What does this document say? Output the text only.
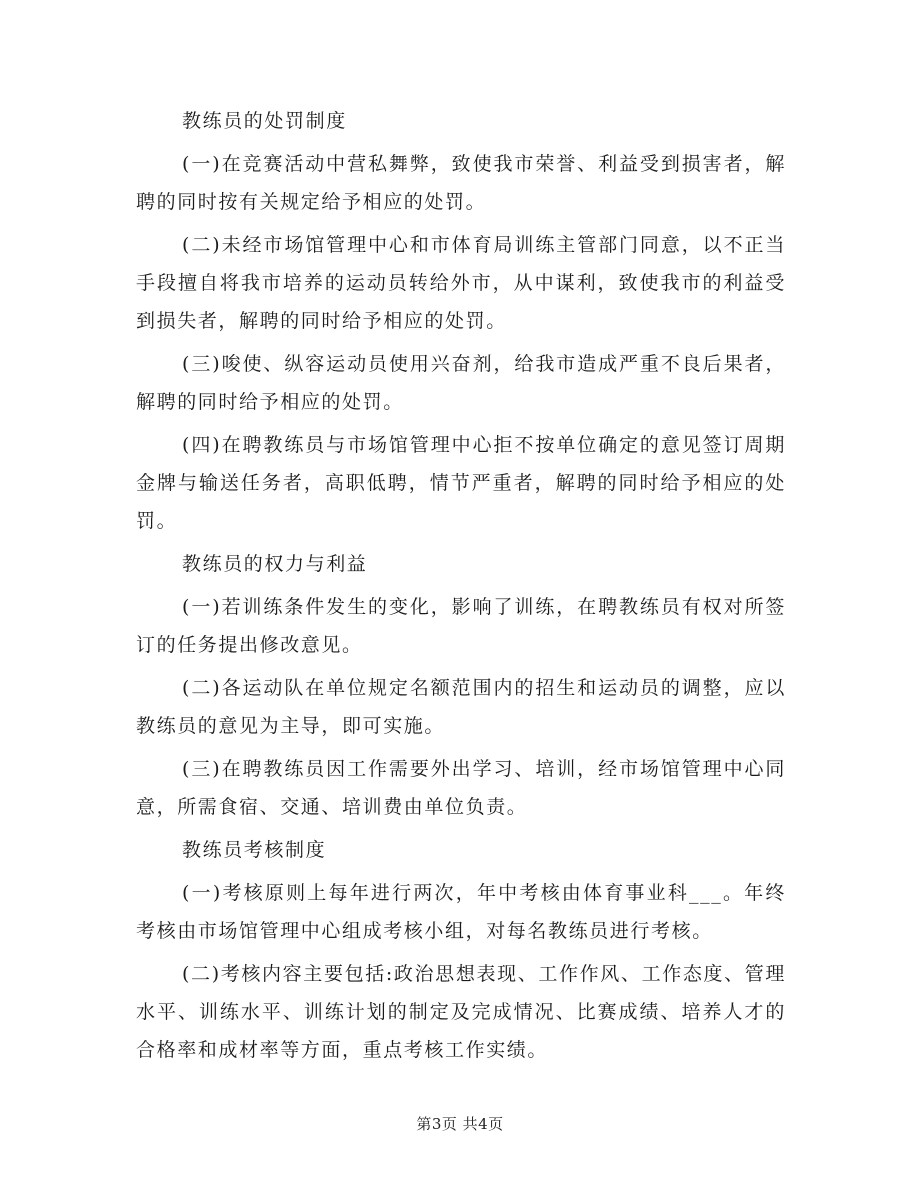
教练员的处罚制度

(一)在竞赛活动中营私舞弊，致使我市荣誉、利益受到损害者，解聘的同时按有关规定给予相应的处罚。

(二)未经市场馆管理中心和市体育局训练主管部门同意，以不正当手段擅自将我市培养的运动员转给外市，从中谋利，致使我市的利益受到损失者，解聘的同时给予相应的处罚。

(三)唆使、纵容运动员使用兴奋剂，给我市造成严重不良后果者，解聘的同时给予相应的处罚。

(四)在聘教练员与市场馆管理中心拒不按单位确定的意见签订周期金牌与输送任务者，高职低聘，情节严重者，解聘的同时给予相应的处罚。

教练员的权力与利益

(一)若训练条件发生的变化，影响了训练，在聘教练员有权对所签订的任务提出修改意见。

(二)各运动队在单位规定名额范围内的招生和运动员的调整，应以教练员的意见为主导，即可实施。

(三)在聘教练员因工作需要外出学习、培训，经市场馆管理中心同意，所需食宿、交通、培训费由单位负责。

教练员考核制度

(一)考核原则上每年进行两次，年中考核由体育事业科___。年终考核由市场馆管理中心组成考核小组，对每名教练员进行考核。

(二)考核内容主要包括:政治思想表现、工作作风、工作态度、管理水平、训练水平、训练计划的制定及完成情况、比赛成绩、培养人才的合格率和成材率等方面，重点考核工作实绩。

第3页 共4页
